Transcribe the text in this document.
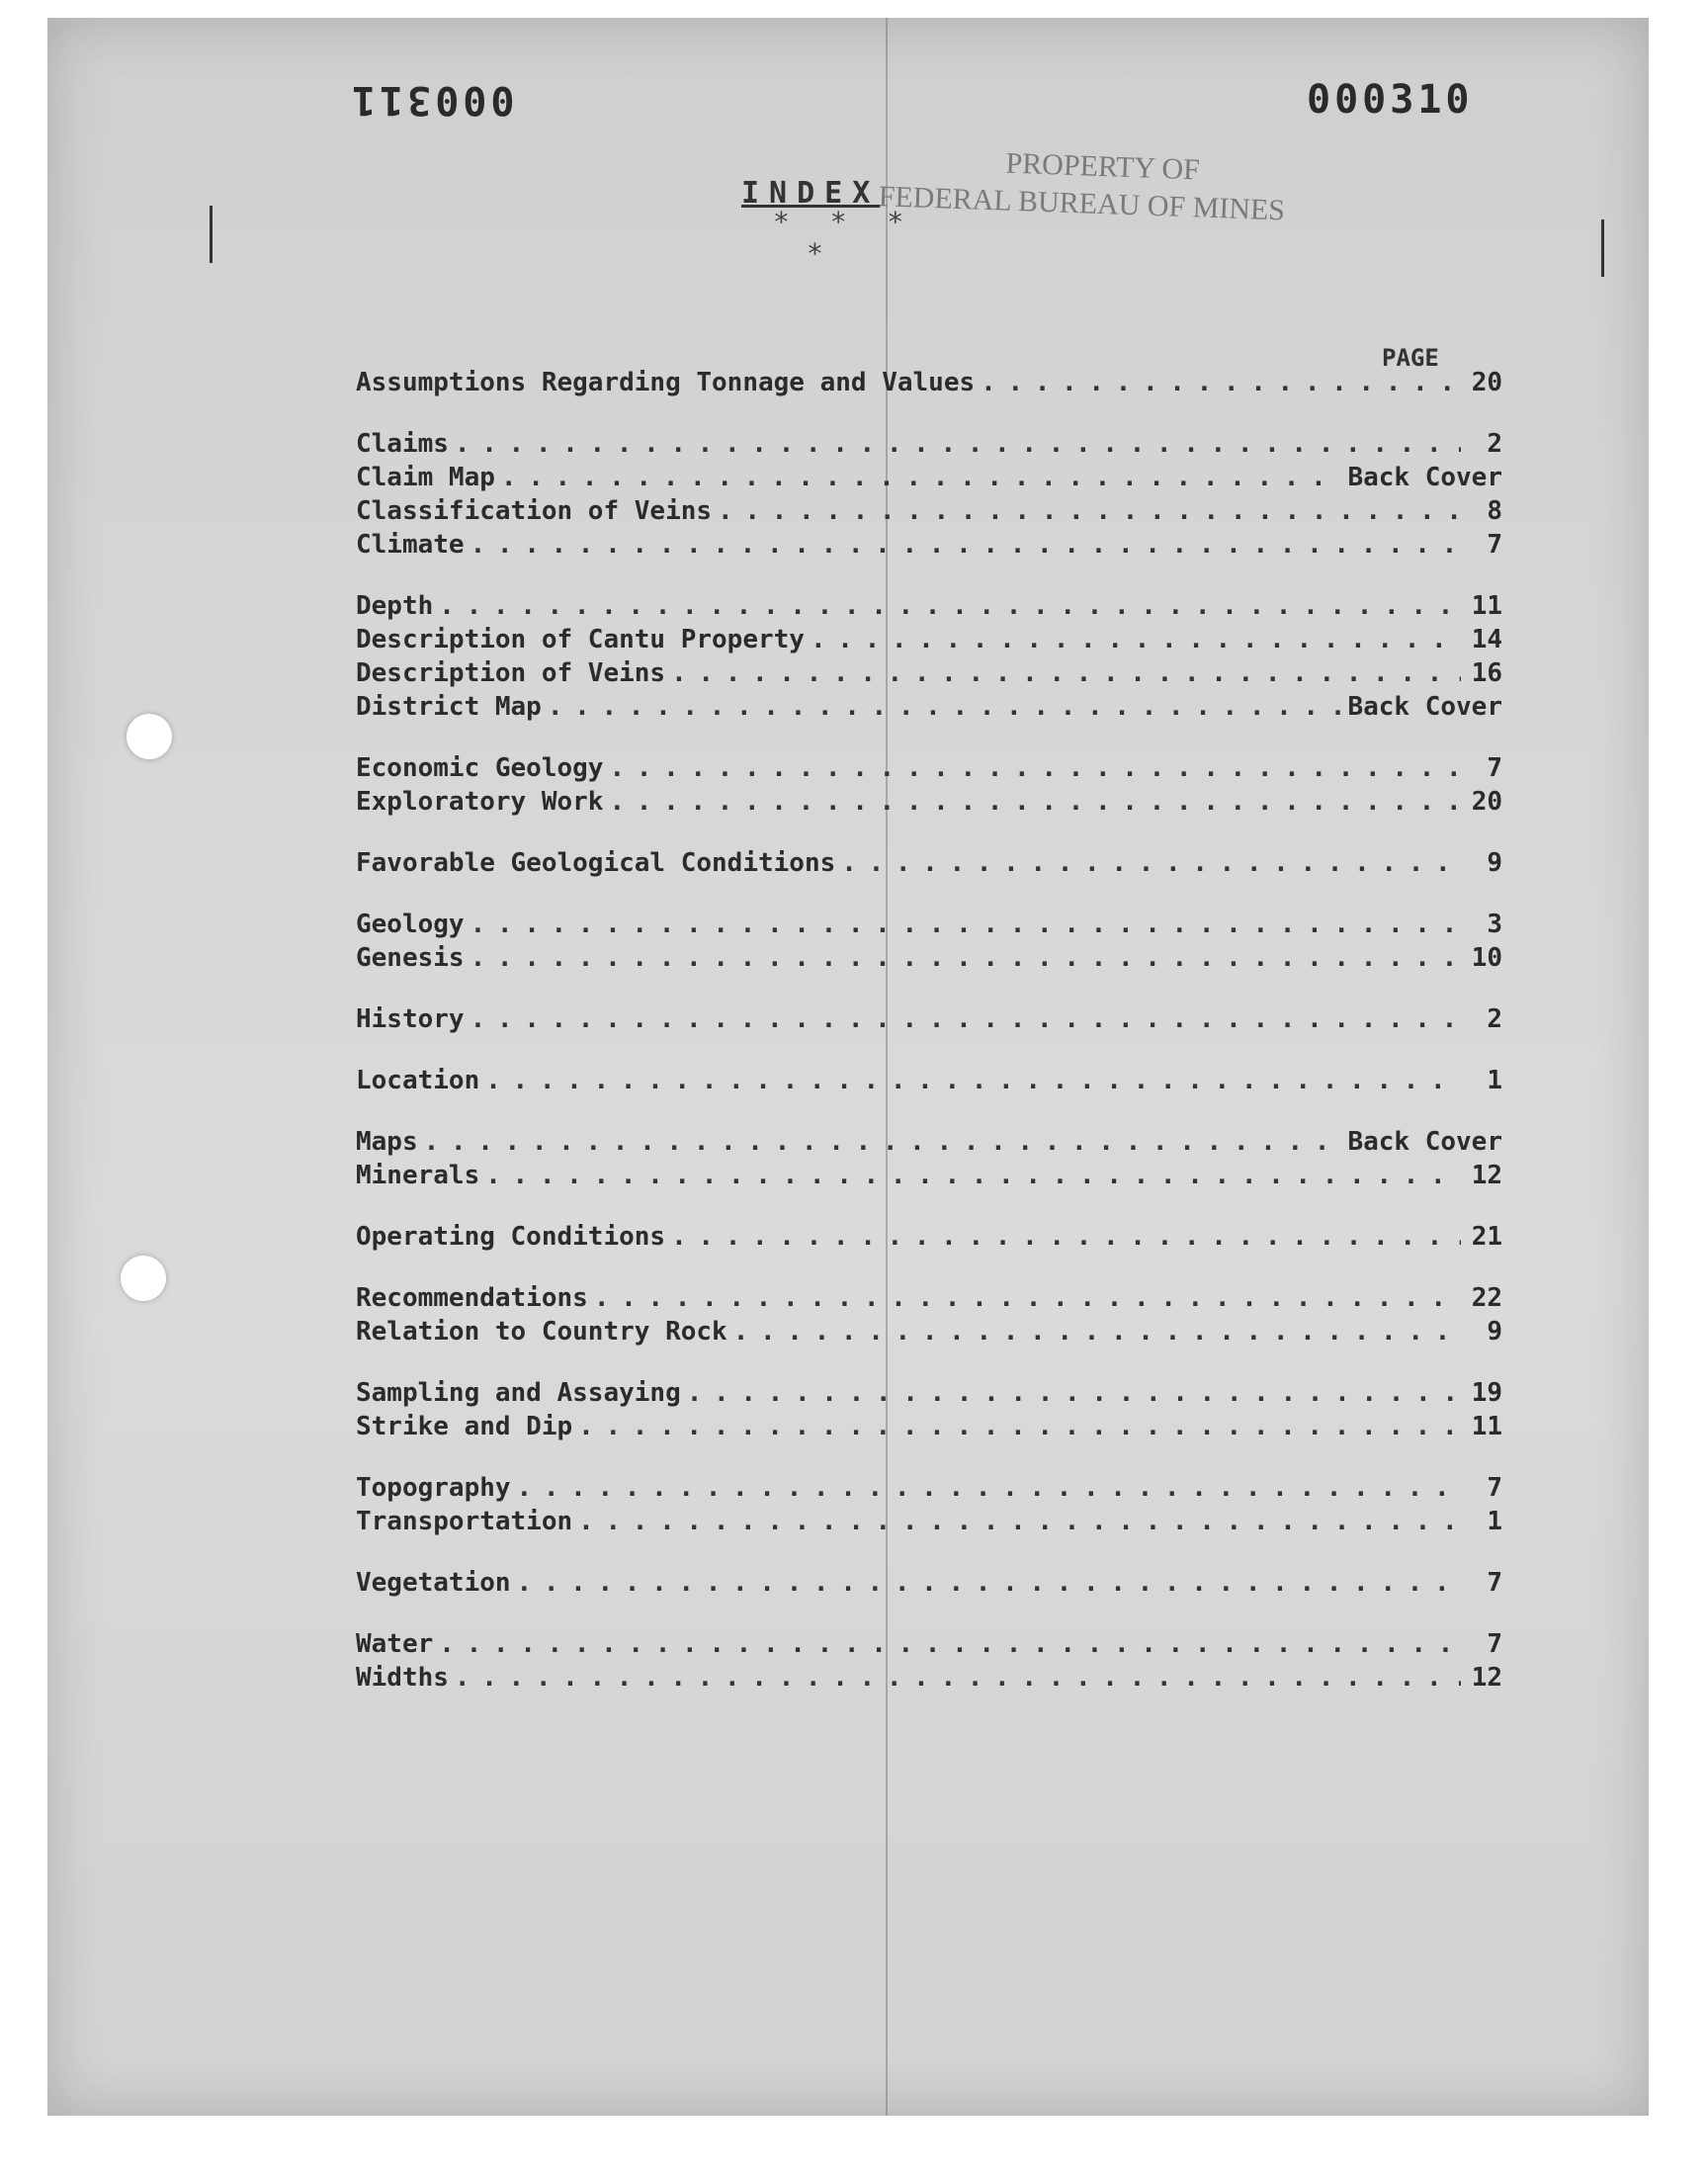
000311	000310
PROPERTY OF
FEDERAL BUREAU OF MINES
INDEX
* * *
*
PAGE
Assumptions Regarding Tonnage and Values . . .	20
Claims . . .	2
Claim Map . . .	Back Cover
Classification of Veins . . .	8
Climate . . .	7
Depth . . .	11
Description of Cantu Property . . .	14
Description of Veins . . .	16
District Map . . .	Back Cover
Economic Geology . . .	7
Exploratory Work . . .	20
Favorable Geological Conditions . . .	9
Geology . . .	3
Genesis . . .	10
History . . .	2
Location . . .	1
Maps . . .	Back Cover
Minerals . . .	12
Operating Conditions . . .	21
Recommendations . . .	22
Relation to Country Rock . . .	9
Sampling and Assaying . . .	19
Strike and Dip . . .	11
Topography . . .	7
Transportation . . .	1
Vegetation . . .	7
Water . . .	7
Widths . . .	12
